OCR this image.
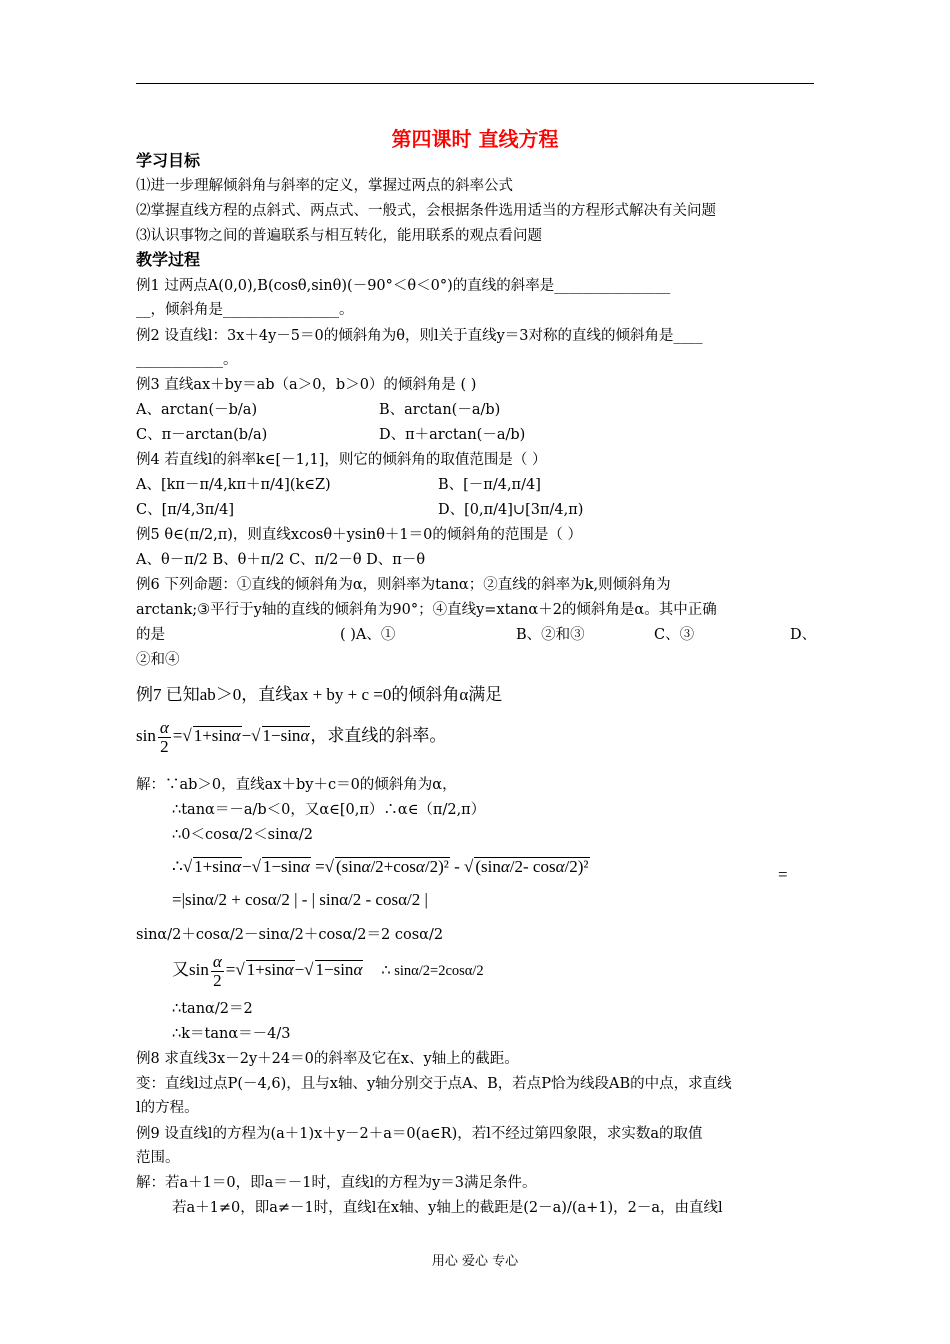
第四课时 直线方程
学习目标
⑴进一步理解倾斜角与斜率的定义，掌握过两点的斜率公式
⑵掌握直线方程的点斜式、两点式、一般式，会根据条件选用适当的方程形式解决有关问题
⑶认识事物之间的普遍联系与相互转化，能用联系的观点看问题
教学过程
例1 过两点A(0,0),B(cosθ,sinθ)(－90°＜θ＜0°)的直线的斜率是________________
__，倾斜角是________________。
例2 设直线l：3x＋4y－5＝0的倾斜角为θ，则l关于直线y＝3对称的直线的倾斜角是____
____________。
例3 直线ax＋by＝ab（a＞0，b＞0）的倾斜角是 ( )
A、arctan(－b/a)	B、arctan(－a/b)
C、π－arctan(b/a)	D、π＋arctan(－a/b)
例4 若直线l的斜率k∈[－1,1]，则它的倾斜角的取值范围是（ ）
A、[kπ－π/4,kπ＋π/4](k∈Z)	B、[－π/4,π/4]
C、[π/4,3π/4]	D、[0,π/4]∪[3π/4,π)
例5 θ∈(π/2,π)，则直线xcosθ＋ysinθ＋1＝0的倾斜角的范围是（ ）
A、θ－π/2 B、θ＋π/2 C、π/2－θ D、π－θ
例6 下列命题：①直线的倾斜角为α，则斜率为tanα；②直线的斜率为k,则倾斜角为
arctank;③平行于y轴的直线的倾斜角为90°；④直线y=xtanα＋2的倾斜角是α。其中正确
的是	( )A、①	B、②和③	C、③	D、
②和④
例7 已知ab＞0，直线ax + by + c =0的倾斜角α满足
$\sin \frac{\alpha}{2}$ =√ 1+sinα−√ 1−sinα，求直线的斜率。
解：∵ab＞0，直线ax＋by＋c＝0的倾斜角为α，
∴tanα＝－a/b＜0，又α∈[0,π）∴α∈（π/2,π）
∴0＜cosα/2＜sinα/2
∴√ 1+sinα−√ 1−sinα =√ (sinα/2+cosα/2)² - √ (sinα/2- cosα/2)²	=
=|sinα/2 + cosα/2 | - | sinα/2 - cosα/2 |
sinα/2＋cosα/2－sinα/2＋cosα/2＝2 cosα/2
又$\sin \frac{\alpha}{2}$ =√ 1+sinα−√ 1−sinα ∴ sinα/2=2cosα/2
∴tanα/2＝2
∴k＝tanα＝－4/3
例8 求直线3x－2y＋24＝0的斜率及它在x、y轴上的截距。
变：直线l过点P(－4,6)，且与x轴、y轴分别交于点A、B，若点P恰为线段AB的中点，求直线
l的方程。
例9 设直线l的方程为(a＋1)x＋y－2＋a＝0(a∈R)，若l不经过第四象限，求实数a的取值
范围。
解：若a＋1＝0，即a＝－1时，直线l的方程为y＝3满足条件。
若a＋1≠0，即a≠－1时，直线l在x轴、y轴上的截距是(2－a)/(a+1)，2－a，由直线l
用心 爱心 专心
